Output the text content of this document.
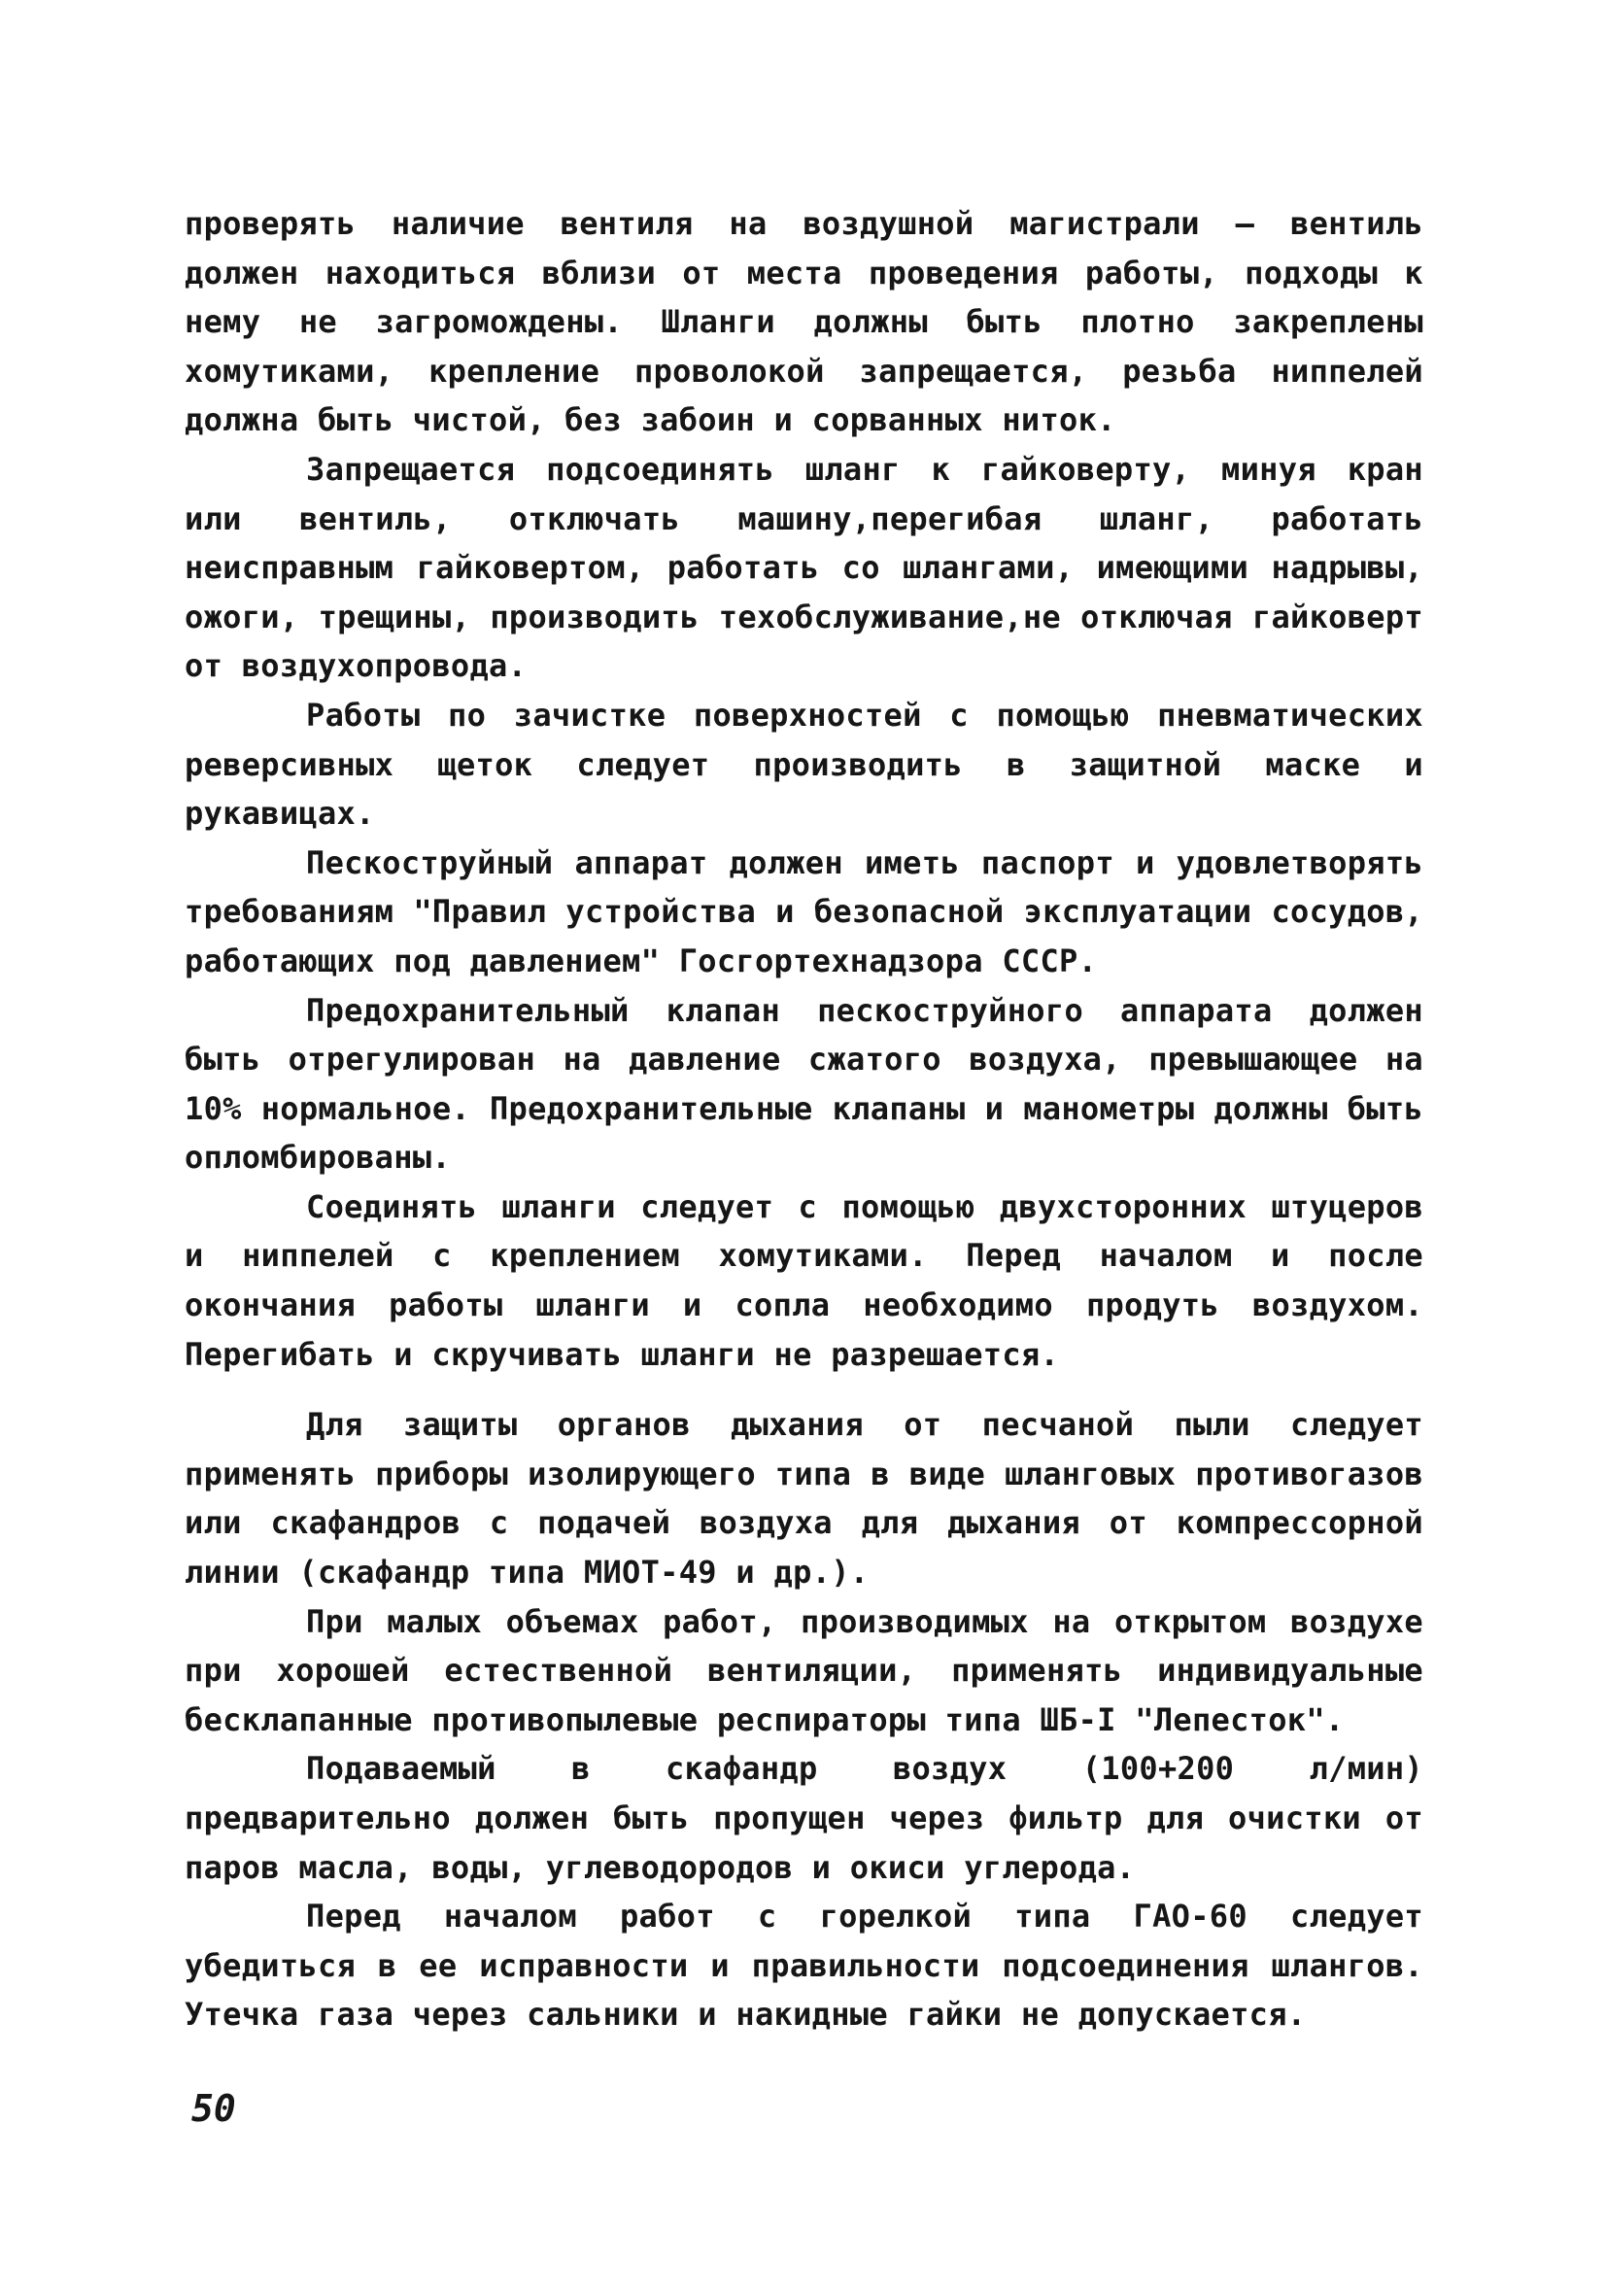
проверять наличие вентиля на воздушной магистрали – вентиль должен находиться вблизи от места проведения работы, подходы к нему не загромождены. Шланги должны быть плотно закреплены хомутиками, крепление проволокой запрещается, резьба ниппелей должна быть чистой, без забоин и сорванных ниток.

Запрещается подсоединять шланг к гайковерту, минуя кран или вентиль, отключать машину,перегибая шланг, работать неисправным гайковертом, работать со шлангами, имеющими надрывы, ожоги, трещины, производить техобслуживание,не отключая гайковерт от воздухопровода.

Работы по зачистке поверхностей с помощью пневматических реверсивных щеток следует производить в защитной маске и рукавицах.

Пескоструйный аппарат должен иметь паспорт и удовлетворять требованиям "Правил устройства и безопасной эксплуатации сосудов, работающих под давлением" Госгортехнадзора СССР.

Предохранительный клапан пескоструйного аппарата должен быть отрегулирован на давление сжатого воздуха, превышающее на 10% нормальное. Предохранительные клапаны и манометры должны быть опломбированы.

Соединять шланги следует с помощью двухсторонних штуцеров и ниппелей с креплением хомутиками. Перед началом и после окончания работы шланги и сопла необходимо продуть воздухом. Перегибать и скручивать шланги не разрешается.

Для защиты органов дыхания от песчаной пыли следует применять приборы изолирующего типа в виде шланговых противогазов или скафандров с подачей воздуха для дыхания от компрессорной линии (скафандр типа МИОТ-49 и др.).

При малых объемах работ, производимых на открытом воздухе при хорошей естественной вентиляции, применять индивидуальные бесклапанные противопылевые респираторы типа ШБ-I "Лепесток".

Подаваемый в скафандр воздух (100+200 л/мин) предварительно должен быть пропущен через фильтр для очистки от паров масла, воды, углеводородов и окиси углерода.

Перед началом работ с горелкой типа ГАО-60 следует убедиться в ее исправности и правильности подсоединения шлангов. Утечка газа через сальники и накидные гайки не допускается.

50
